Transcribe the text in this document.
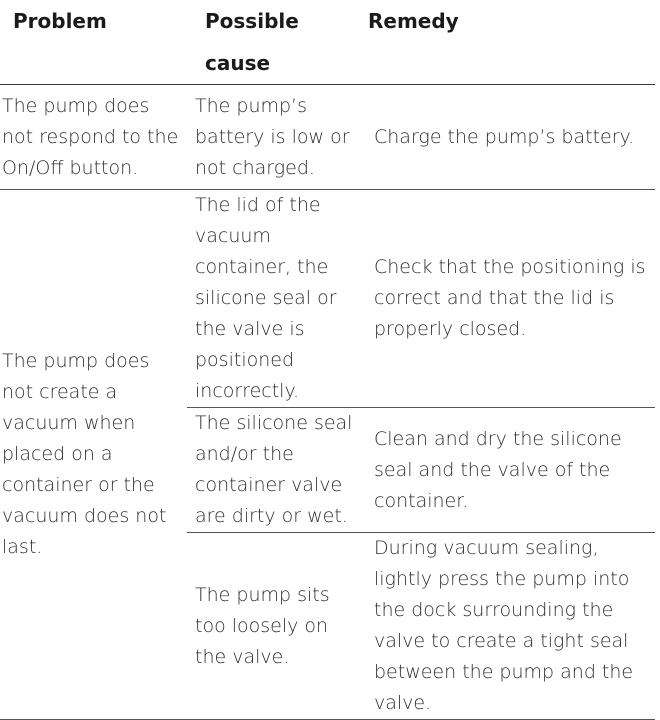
Problem	Possible cause	Remedy

The pump does not respond to the On/Off button.	The pump’s battery is low or not charged.	Charge the pump’s battery.

The pump does not create a vacuum when placed on a container or the vacuum does not last.	The lid of the vacuum container, the silicone seal or the valve is positioned incorrectly.	Check that the positioning is correct and that the lid is properly closed.

	The silicone seal and/or the container valve are dirty or wet.	Clean and dry the silicone seal and the valve of the container.

	The pump sits too loosely on the valve.	During vacuum sealing, lightly press the pump into the dock surrounding the valve to create a tight seal between the pump and the valve.
